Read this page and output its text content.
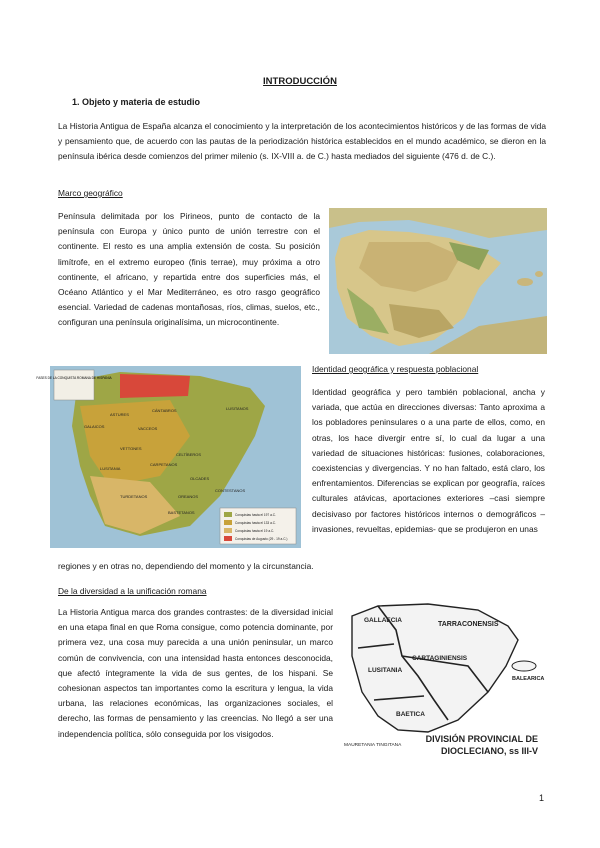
INTRODUCCIÓN
1. Objeto y materia de estudio
La Historia Antigua de España alcanza el conocimiento y la interpretación de los acontecimientos históricos y de las formas de vida y pensamiento que, de acuerdo con las pautas de la periodización histórica establecidos en el mundo académico, se dieron en la península ibérica desde comienzos del primer milenio (s. IX-VIII a. de C.) hasta mediados del siguiente (476 d. de C.).
Marco geográfico
Península delimitada por los Pirineos, punto de contacto de la península con Europa y único punto de unión terrestre con el continente. El resto es una amplia extensión de costa. Su posición limítrofe, en el extremo europeo (finis terrae), muy próxima a otro continente, el africano, y repartida entre dos superficies más, el Océano Atlántico y el Mar Mediterráneo, es otro rasgo geográfico esencial. Variedad de cadenas montañosas, ríos, climas, suelos, etc., configuran una península originalísima, un microcontinente.
FASES DE LA CONQUISTA ROMANA DE HISPANIA
ASTURES
CÁNTABROS
VACCEOS
VETTONES
CELTÍBEROS
LUSITANOS
CARPETANOS
OLCADES
CONTESTANOS
TURDETANOS
BASTETANOS
LUSITANIA
OREANOS
GALAICOS
Conquistas hasta el 197 a.C.
Conquistas hasta el 133 a.C.
Conquistas hasta el 19 a.C.
Conquistas de Augusto (29 - 19 a.C.)
Identidad geográfica y respuesta poblacional
Identidad geográfica y pero también poblacional, ancha y variada, que actúa en direcciones diversas: Tanto aproxima a los pobladores peninsulares o a una parte de ellos, como, en otras, los hace divergir entre sí, lo cual da lugar a una variedad de situaciones históricas: fusiones, colaboraciones, coexistencias y divergencias. Y no han faltado, está claro, los enfrentamientos. Diferencias se explican por geografía, raíces culturales atávicas, aportaciones exteriores –casi siempre decisivaso por factores históricos internos o demográficos – invasiones, revueltas, epidemias- que se produjeron en unas
regiones y en otras no, dependiendo del momento y la circunstancia.
De la diversidad a la unificación romana
La Historia Antigua marca dos grandes contrastes: de la diversidad inicial en una etapa final en que Roma consigue, como potencia dominante, por primera vez, una cosa muy parecida a una unión peninsular, un marco común de convivencia, con una intensidad hasta entonces desconocida, que afectó íntegramente la vida de sus gentes, de los hispani. Se cohesionan aspectos tan importantes como la escritura y lengua, la vida urbana, las relaciones económicas, las organizaciones sociales, el derecho, las formas de pensamiento y las creencias. No llegó a ser una independencia política, sólo conseguida por los visigodos.
GALLAECIA
TARRACONENSIS
CARTAGINIENSIS
LUSITANIA
BAETICA
BALEARICA
MAURETANIA TINGITANA
DIVISIÓN PROVINCIAL DE
DIOCLECIANO, ss III-V
1
